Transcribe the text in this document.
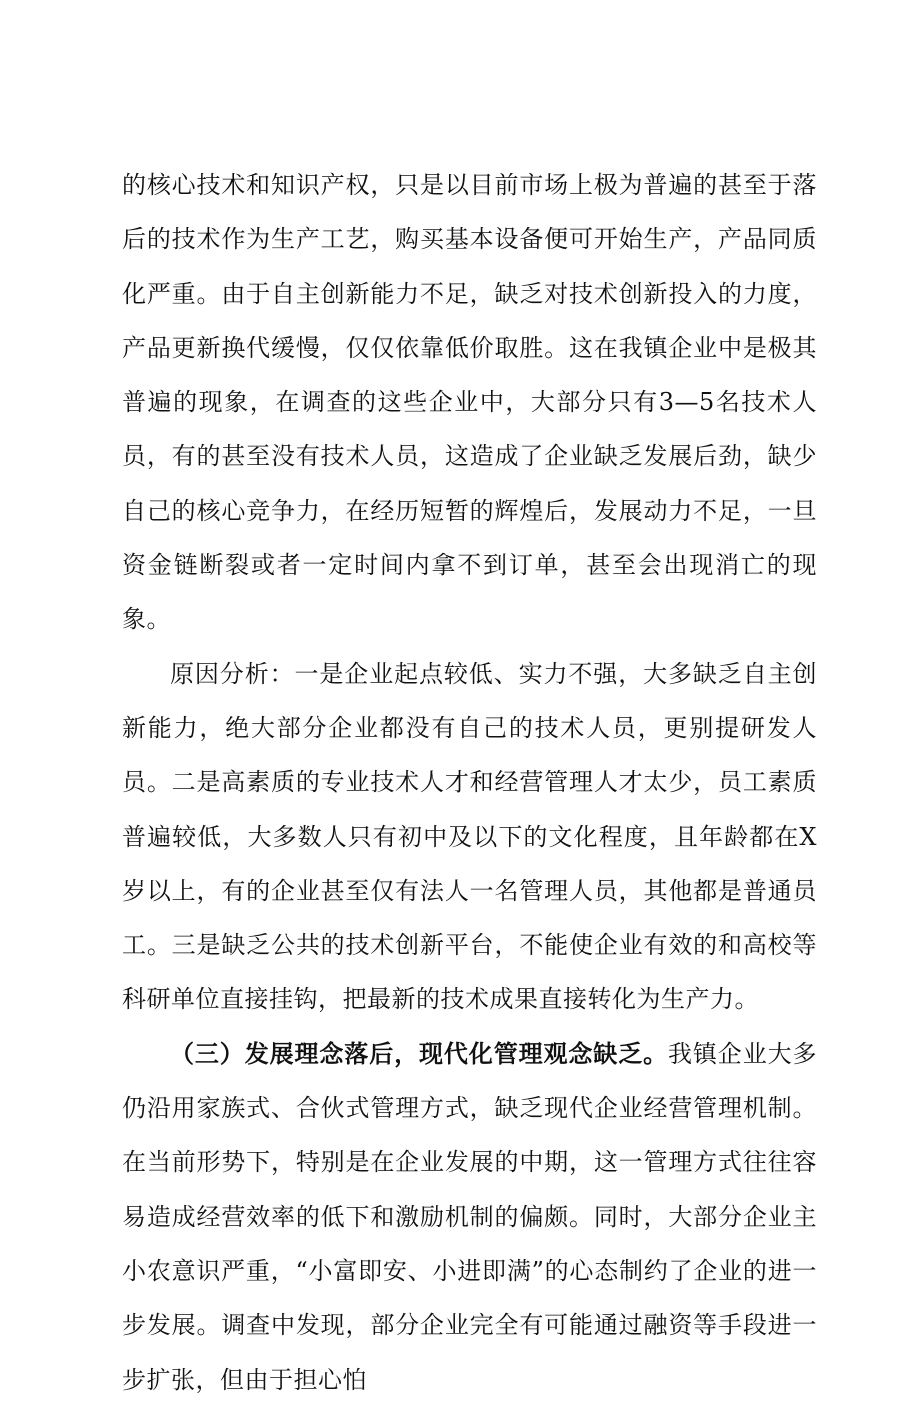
的核心技术和知识产权，只是以目前市场上极为普遍的甚至于落后的技术作为生产工艺，购买基本设备便可开始生产，产品同质化严重。由于自主创新能力不足，缺乏对技术创新投入的力度，产品更新换代缓慢，仅仅依靠低价取胜。这在我镇企业中是极其普遍的现象，在调查的这些企业中，大部分只有3—5名技术人员，有的甚至没有技术人员，这造成了企业缺乏发展后劲，缺少自己的核心竞争力，在经历短暂的辉煌后，发展动力不足，一旦资金链断裂或者一定时间内拿不到订单，甚至会出现消亡的现象。

原因分析：一是企业起点较低、实力不强，大多缺乏自主创新能力，绝大部分企业都没有自己的技术人员，更别提研发人员。二是高素质的专业技术人才和经营管理人才太少，员工素质普遍较低，大多数人只有初中及以下的文化程度，且年龄都在X岁以上，有的企业甚至仅有法人一名管理人员，其他都是普通员工。三是缺乏公共的技术创新平台，不能使企业有效的和高校等科研单位直接挂钩，把最新的技术成果直接转化为生产力。

（三）发展理念落后，现代化管理观念缺乏。我镇企业大多仍沿用家族式、合伙式管理方式，缺乏现代企业经营管理机制。在当前形势下，特别是在企业发展的中期，这一管理方式往往容易造成经营效率的低下和激励机制的偏颇。同时，大部分企业主小农意识严重，“小富即安、小进即满”的心态制约了企业的进一步发展。调查中发现，部分企业完全有可能通过融资等手段进一步扩张，但由于担心怕
